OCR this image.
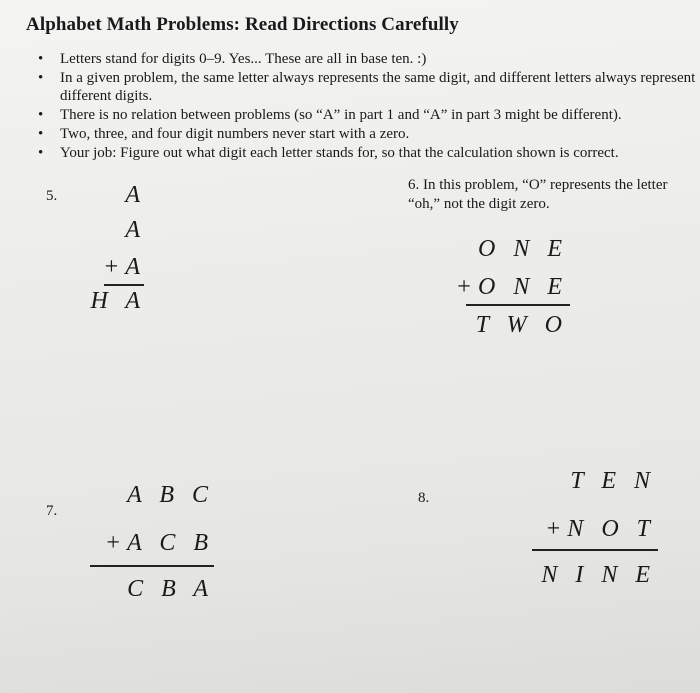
Alphabet Math Problems: Read Directions Carefully
• Letters stand for digits 0–9. Yes... These are all in base ten. :)
• In a given problem, the same letter always represents the same digit, and different letters always represent different digits.
• There is no relation between problems (so “A” in part 1 and “A” in part 3 might be different).
• Two, three, and four digit numbers never start with a zero.
• Your job: Figure out what digit each letter stands for, so that the calculation shown is correct.
5.	A
A
+A
H A
6. In this problem, “O” represents the letter “oh,” not the digit zero.
O N E
+O N E
T W O
7.
A B C
+A C B
C B A
8.
T E N
+N O T
N I N E
